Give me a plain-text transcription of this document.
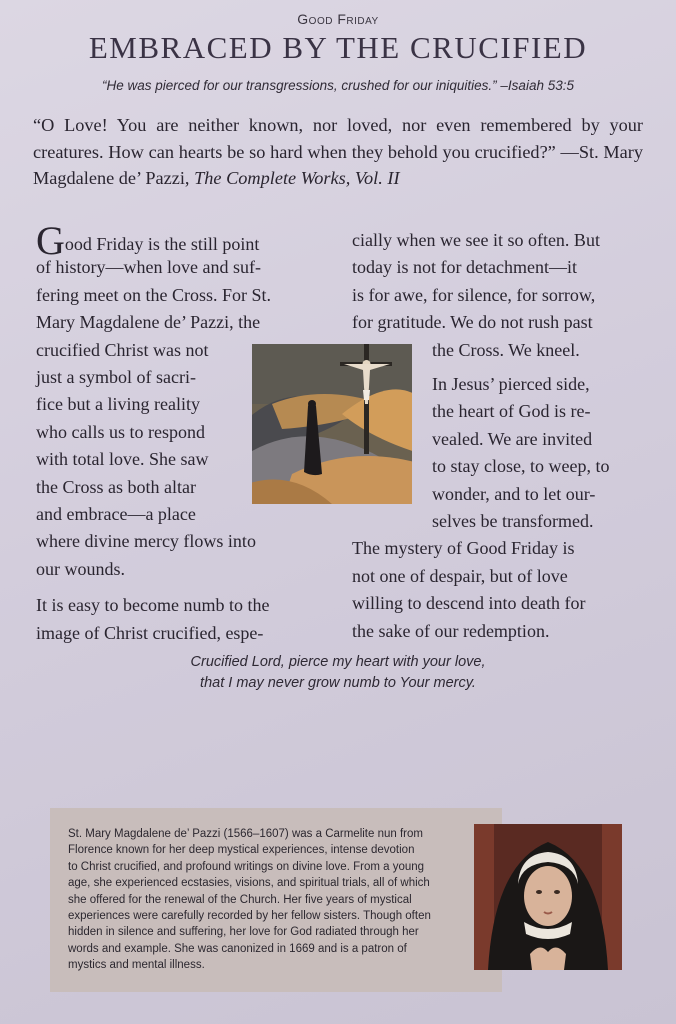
Good Friday
EMBRACED BY THE CRUCIFIED
“He was pierced for our transgressions, crushed for our iniquities.” –Isaiah 53:5
“O Love! You are neither known, nor loved, nor even remembered by your creatures. How can hearts be so hard when they behold you crucified?” —St. Mary Magdalene de’ Pazzi, The Complete Works, Vol. II
Good Friday is the still point
of history—when love and suf-
fering meet on the Cross. For St.
Mary Magdalene de’ Pazzi, the
crucified Christ was not
just a symbol of sacri-
fice but a living reality
who calls us to respond
with total love. She saw
the Cross as both altar
and embrace—a place
where divine mercy flows into
our wounds.
It is easy to become numb to the
image of Christ crucified, espe-
cially when we see it so often. But
today is not for detachment—it
is for awe, for silence, for sorrow,
for gratitude. We do not rush past
the Cross. We kneel.
In Jesus’ pierced side,
the heart of God is re-
vealed. We are invited
to stay close, to weep, to
wonder, and to let our-
selves be transformed.
The mystery of Good Friday is
not one of despair, but of love
willing to descend into death for
the sake of our redemption.
Crucified Lord, pierce my heart with your love,
that I may never grow numb to Your mercy.
St. Mary Magdalene de’ Pazzi (1566–1607) was a Carmelite nun from
Florence known for her deep mystical experiences, intense devotion
to Christ crucified, and profound writings on divine love. From a young
age, she experienced ecstasies, visions, and spiritual trials, all of which
she offered for the renewal of the Church. Her five years of mystical
experiences were carefully recorded by her fellow sisters. Though often
hidden in silence and suffering, her love for God radiated through her
words and example. She was canonized in 1669 and is a patron of
mystics and mental illness.
